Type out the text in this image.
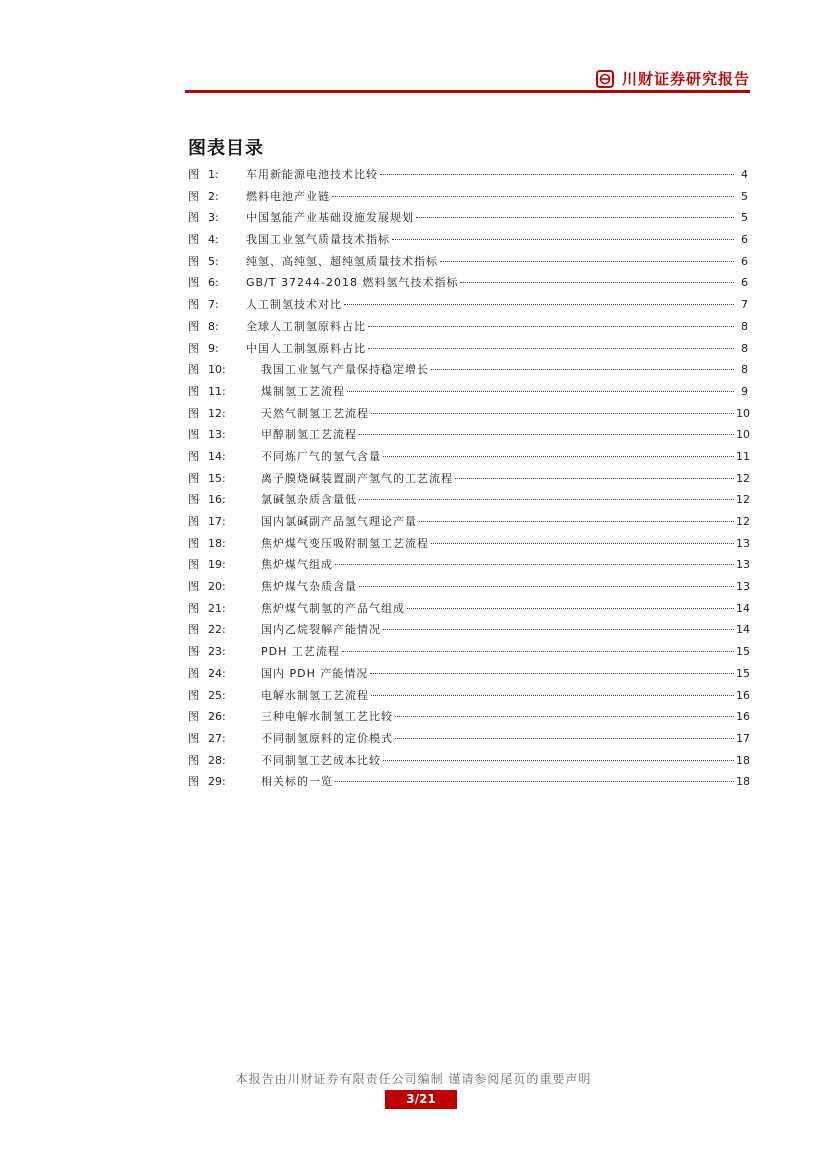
川财证券研究报告
图表目录
图 1:	车用新能源电池技术比较	4
图 2:	燃料电池产业链	5
图 3:	中国氢能产业基础设施发展规划	5
图 4:	我国工业氢气质量技术指标	6
图 5:	纯氢、高纯氢、超纯氢质量技术指标	6
图 6:	GB/T 37244-2018 燃料氢气技术指标	6
图 7:	人工制氢技术对比	7
图 8:	全球人工制氢原料占比	8
图 9:	中国人工制氢原料占比	8
图 10:	我国工业氢气产量保持稳定增长	8
图 11:	煤制氢工艺流程	9
图 12:	天然气制氢工艺流程	10
图 13:	甲醇制氢工艺流程	10
图 14:	不同炼厂气的氢气含量	11
图 15:	离子膜烧碱装置副产氢气的工艺流程	12
图 16:	氯碱氢杂质含量低	12
图 17:	国内氯碱副产品氢气理论产量	12
图 18:	焦炉煤气变压吸附制氢工艺流程	13
图 19:	焦炉煤气组成	13
图 20:	焦炉煤气杂质含量	13
图 21:	焦炉煤气制氢的产品气组成	14
图 22:	国内乙烷裂解产能情况	14
图 23:	PDH 工艺流程	15
图 24:	国内 PDH 产能情况	15
图 25:	电解水制氢工艺流程	16
图 26:	三种电解水制氢工艺比较	16
图 27:	不同制氢原料的定价模式	17
图 28:	不同制氢工艺成本比较	18
图 29:	相关标的一览	18
本报告由川财证券有限责任公司编制 谨请参阅尾页的重要声明
3/21
